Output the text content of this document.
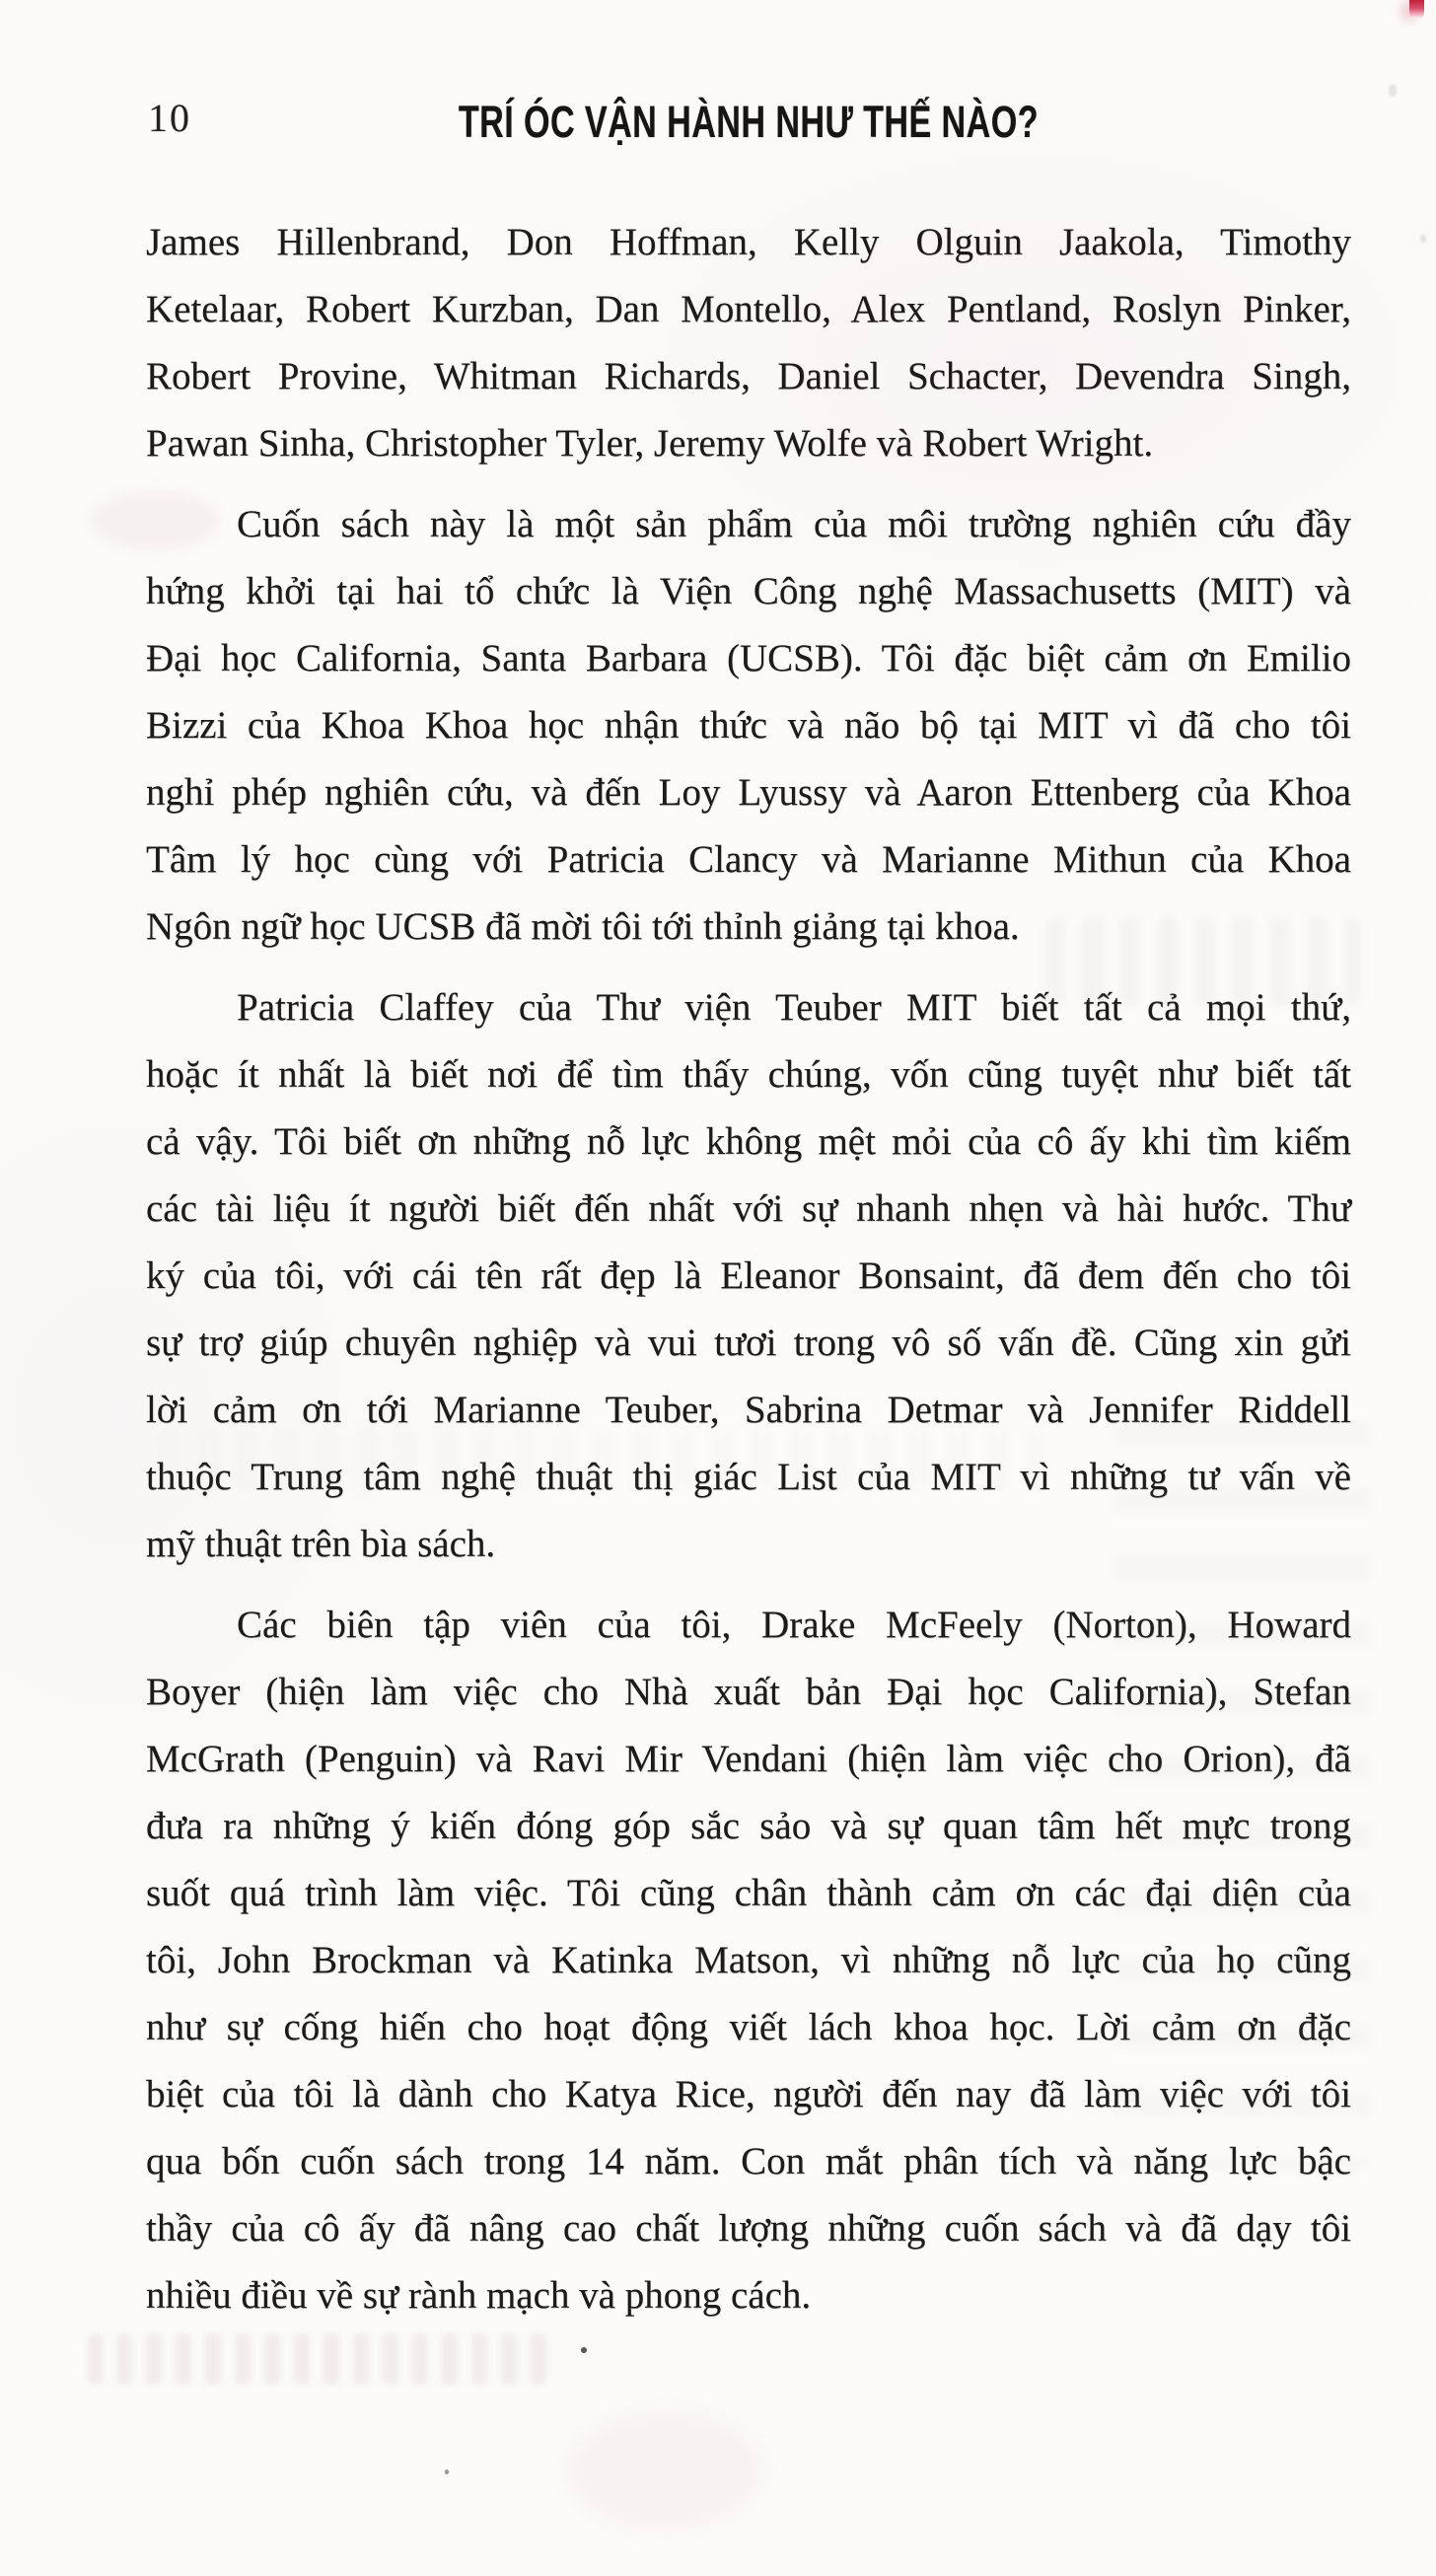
10	TRÍ ÓC VẬN HÀNH NHƯ THẾ NÀO?
James Hillenbrand, Don Hoffman, Kelly Olguin Jaakola, Timothy
Ketelaar, Robert Kurzban, Dan Montello, Alex Pentland, Roslyn Pinker,
Robert Provine, Whitman Richards, Daniel Schacter, Devendra Singh,
Pawan Sinha, Christopher Tyler, Jeremy Wolfe và Robert Wright.
Cuốn sách này là một sản phẩm của môi trường nghiên cứu đầy
hứng khởi tại hai tổ chức là Viện Công nghệ Massachusetts (MIT) và
Đại học California, Santa Barbara (UCSB). Tôi đặc biệt cảm ơn Emilio
Bizzi của Khoa Khoa học nhận thức và não bộ tại MIT vì đã cho tôi
nghỉ phép nghiên cứu, và đến Loy Lyussy và Aaron Ettenberg của Khoa
Tâm lý học cùng với Patricia Clancy và Marianne Mithun của Khoa
Ngôn ngữ học UCSB đã mời tôi tới thỉnh giảng tại khoa.
Patricia Claffey của Thư viện Teuber MIT biết tất cả mọi thứ,
hoặc ít nhất là biết nơi để tìm thấy chúng, vốn cũng tuyệt như biết tất
cả vậy. Tôi biết ơn những nỗ lực không mệt mỏi của cô ấy khi tìm kiếm
các tài liệu ít người biết đến nhất với sự nhanh nhẹn và hài hước. Thư
ký của tôi, với cái tên rất đẹp là Eleanor Bonsaint, đã đem đến cho tôi
sự trợ giúp chuyên nghiệp và vui tươi trong vô số vấn đề. Cũng xin gửi
lời cảm ơn tới Marianne Teuber, Sabrina Detmar và Jennifer Riddell
thuộc Trung tâm nghệ thuật thị giác List của MIT vì những tư vấn về
mỹ thuật trên bìa sách.
Các biên tập viên của tôi, Drake McFeely (Norton), Howard
Boyer (hiện làm việc cho Nhà xuất bản Đại học California), Stefan
McGrath (Penguin) và Ravi Mir Vendani (hiện làm việc cho Orion), đã
đưa ra những ý kiến đóng góp sắc sảo và sự quan tâm hết mực trong
suốt quá trình làm việc. Tôi cũng chân thành cảm ơn các đại diện của
tôi, John Brockman và Katinka Matson, vì những nỗ lực của họ cũng
như sự cống hiến cho hoạt động viết lách khoa học. Lời cảm ơn đặc
biệt của tôi là dành cho Katya Rice, người đến nay đã làm việc với tôi
qua bốn cuốn sách trong 14 năm. Con mắt phân tích và năng lực bậc
thầy của cô ấy đã nâng cao chất lượng những cuốn sách và đã dạy tôi
nhiều điều về sự rành mạch và phong cách.
